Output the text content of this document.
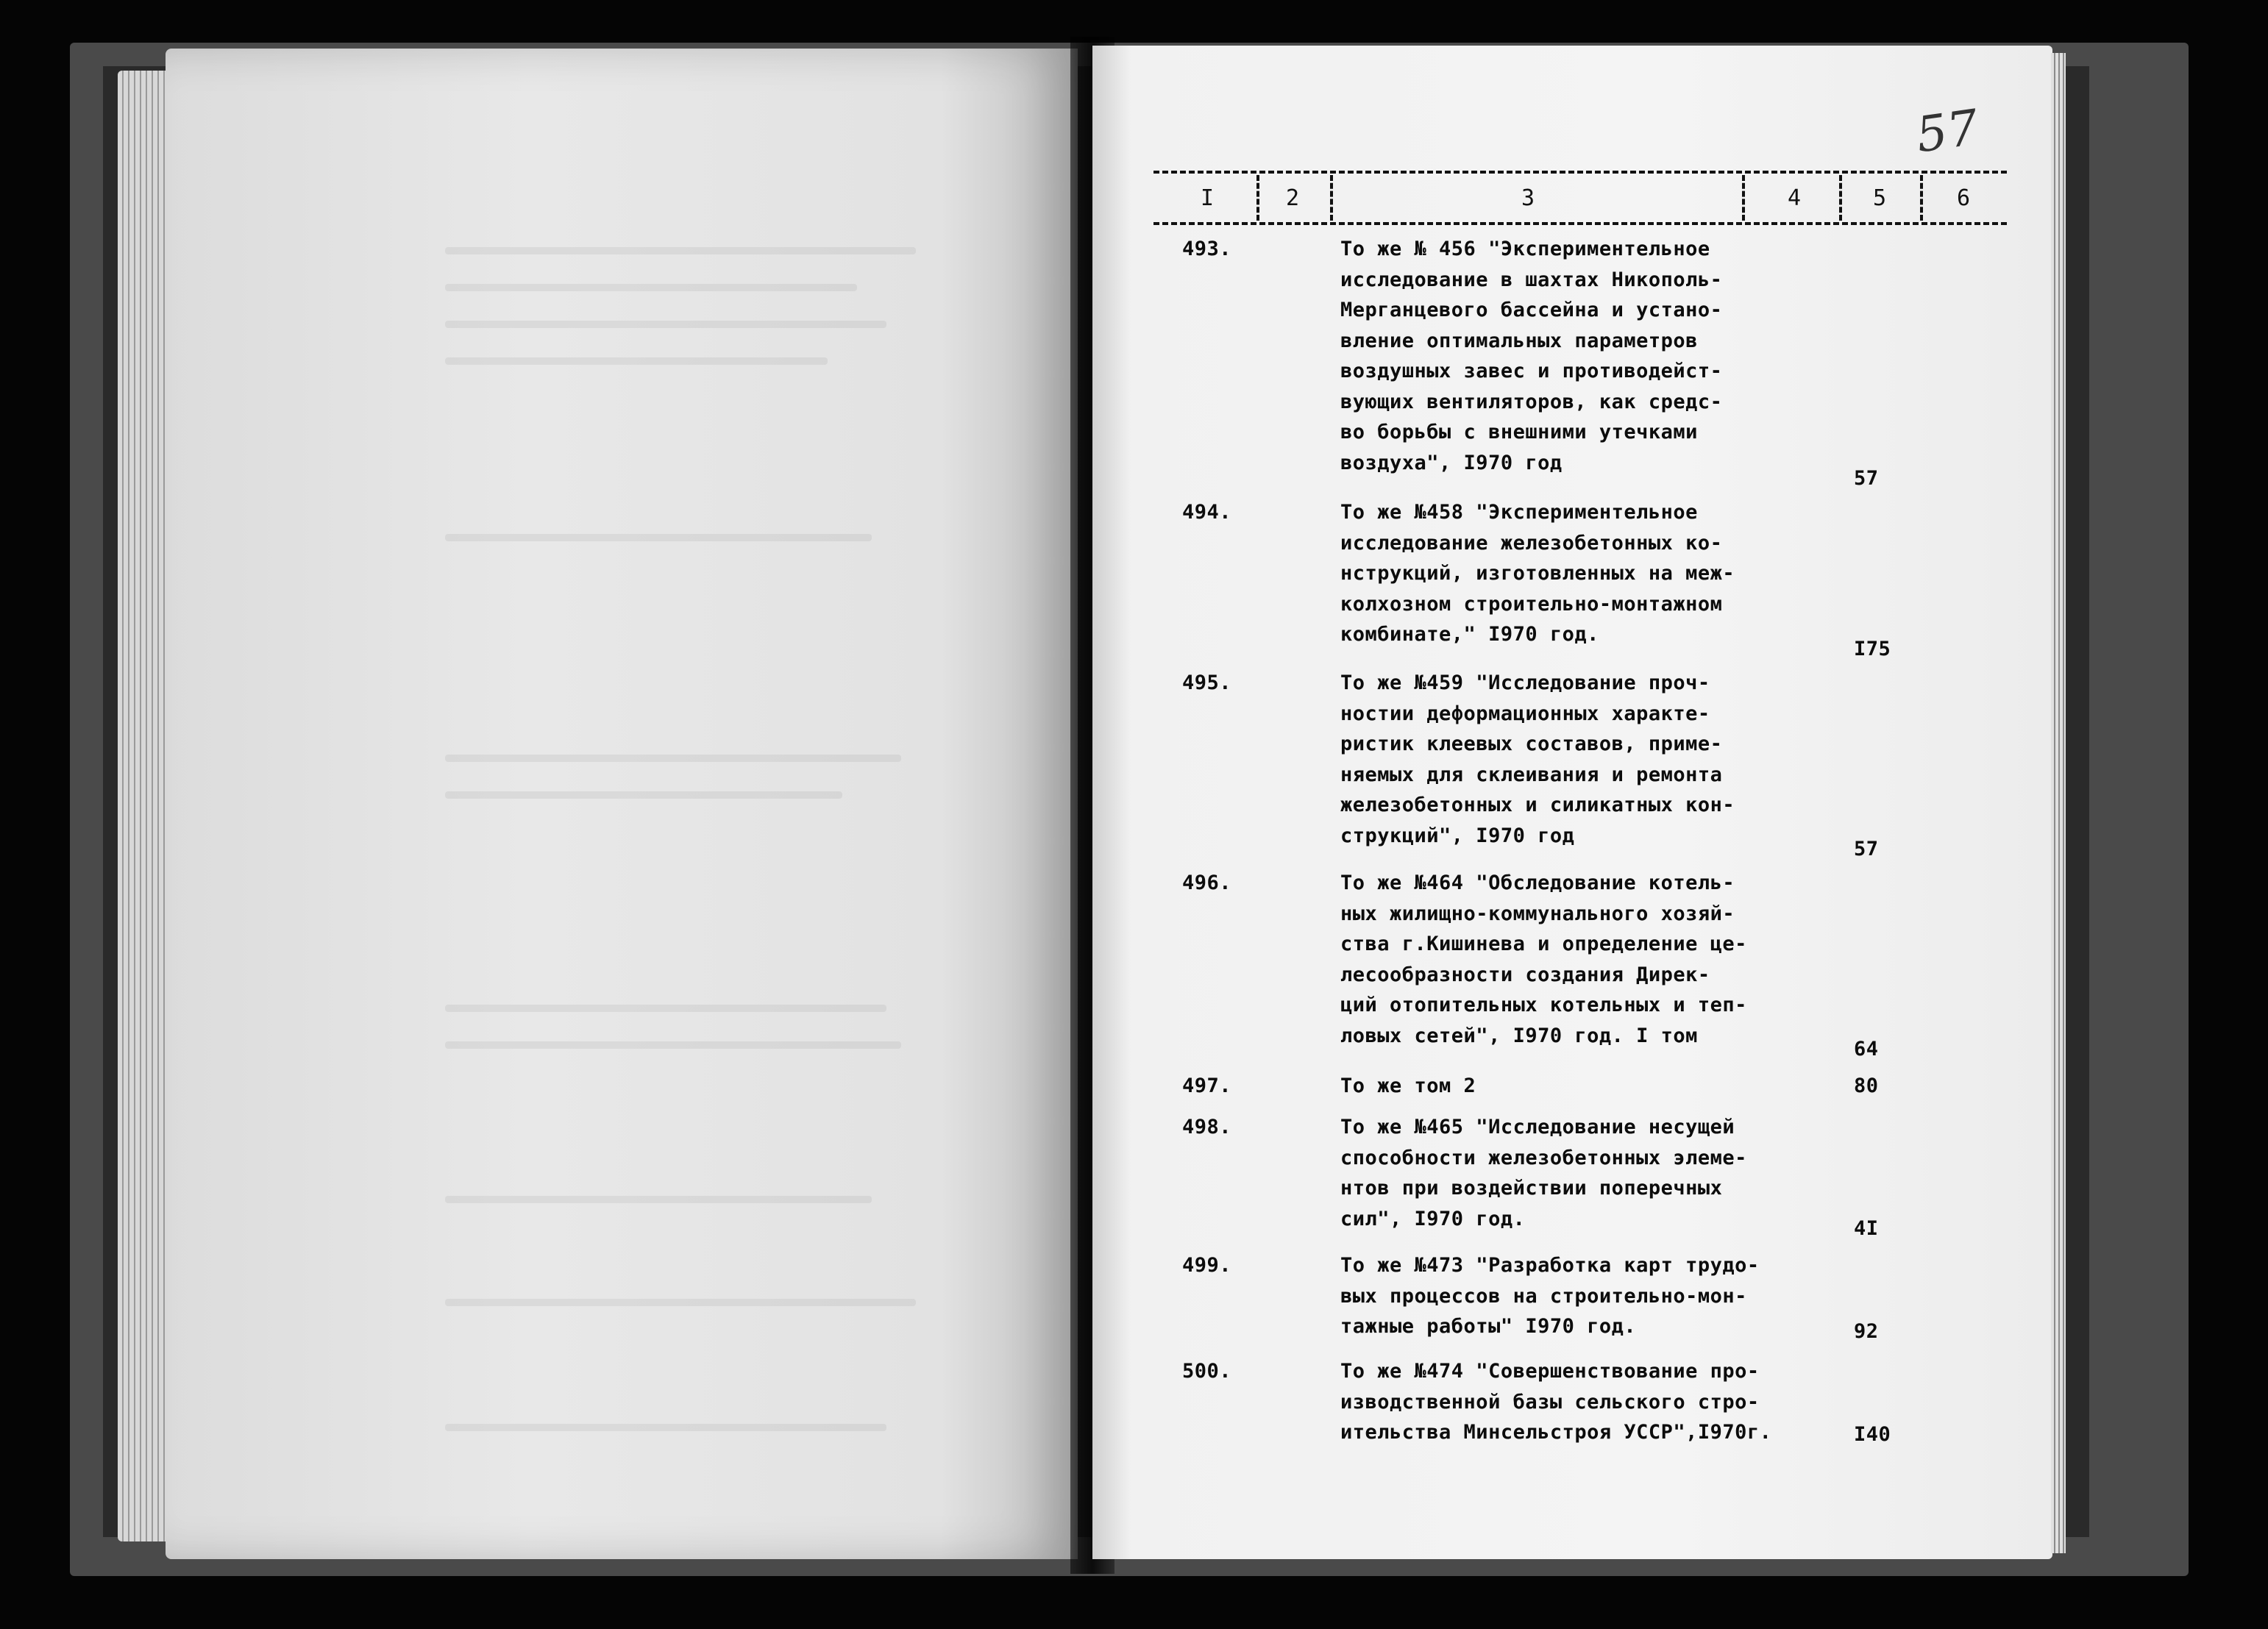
57
I	2	3	4	5	6
493.	То же № 456 "Экспериментельное
исследование в шахтах Никополь-
Мерганцевого бассейна и устано-
вление оптимальных параметров
воздушных завес и противодейст-
вующих вентиляторов, как средс-
во борьбы с внешними утечками
воздуха", I970 год
57
494.	То же №458 "Экспериментельное
исследование железобетонных ко-
нструкций, изготовленных на меж-
колхозном строительно-монтажном
комбинате," I970 год.
I75
495.	То же №459 "Исследование проч-
ностии деформационных характе-
ристик клеевых составов, приме-
няемых для склеивания и ремонта
железобетонных и силикатных кон-
струкций", I970 год
57
496.	То же №464 "Обследование котель-
ных жилищно-коммунального хозяй-
ства г.Кишинева и определение це-
лесообразности создания Дирек-
ций отопительных котельных и теп-
ловых сетей", I970 год. I том
64
497.	То же том 2	80
498.	То же №465 "Исследование несущей
способности железобетонных элеме-
нтов при воздействии поперечных
сил", I970 год.	4I
499.	То же №473 "Разработка карт трудо-
вых процессов на строительно-мон-
тажные работы" I970 год.	92
500.	То же №474 "Совершенствование про-
изводственной базы сельского стро-
ительства Минсельстроя УССР",I970г.	I40
